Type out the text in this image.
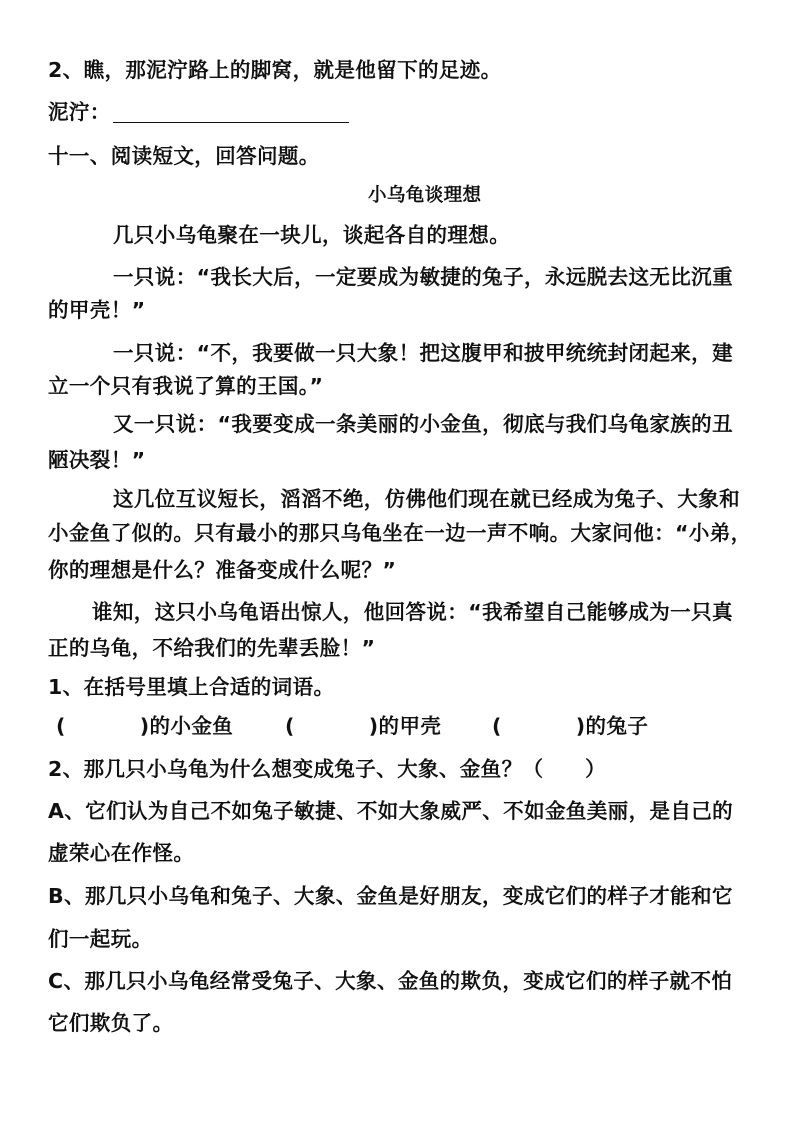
2、瞧，那泥泞路上的脚窝，就是他留下的足迹。
泥泞：
十一、阅读短文，回答问题。
小乌龟谈理想
几只小乌龟聚在一块儿，谈起各自的理想。
一只说：“我长大后，一定要成为敏捷的兔子，永远脱去这无比沉重
的甲壳！”
一只说：“不，我要做一只大象！把这腹甲和披甲统统封闭起来，建
立一个只有我说了算的王国。”
又一只说：“我要变成一条美丽的小金鱼，彻底与我们乌龟家族的丑
陋决裂！”
这几位互议短长，滔滔不绝，仿佛他们现在就已经成为兔子、大象和
小金鱼了似的。只有最小的那只乌龟坐在一边一声不响。大家问他：“小弟，
你的理想是什么？准备变成什么呢？”
谁知，这只小乌龟语出惊人，他回答说：“我希望自己能够成为一只真
正的乌龟，不给我们的先辈丢脸！”
1、在括号里填上合适的词语。
(	)的小金鱼	(	)的甲壳 (	)的兔子
2、那几只小乌龟为什么想变成兔子、大象、金鱼？（　　）
A、它们认为自己不如兔子敏捷、不如大象威严、不如金鱼美丽，是自己的
虚荣心在作怪。
B、那几只小乌龟和兔子、大象、金鱼是好朋友，变成它们的样子才能和它
们一起玩。
C、那几只小乌龟经常受兔子、大象、金鱼的欺负，变成它们的样子就不怕
它们欺负了。
